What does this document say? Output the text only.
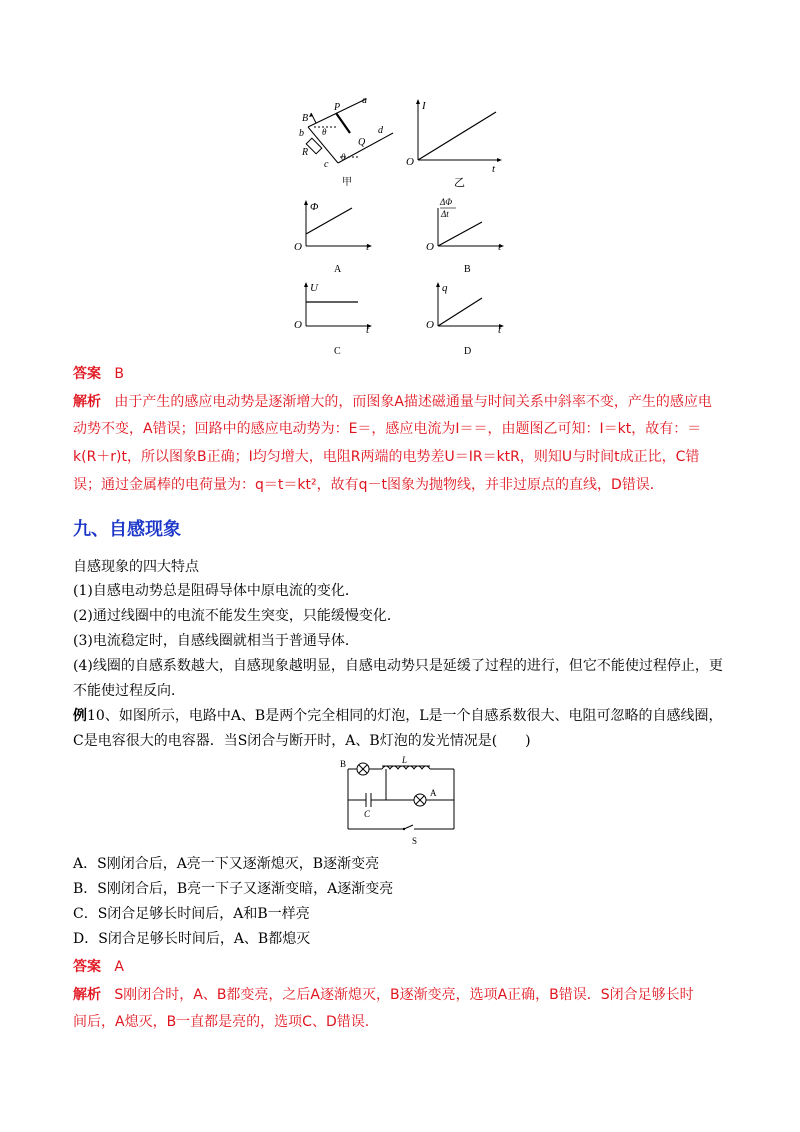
B
b
P
a
Q
d
R
c
θ
θ
甲
I
O
t
乙
Φ
O	t
A
ΔΦ
Δt
O	t
B
U
O	t
C
q
O	t
D
答案 B
解析 由于产生的感应电动势是逐渐增大的，而图象A描述磁通量与时间关系中斜率不变，产生的感应电
动势不变，A错误；回路中的感应电动势为：E＝，感应电流为I＝＝，由题图乙可知：I＝kt，故有：＝
k(R＋r)t，所以图象B正确；I均匀增大，电阻R两端的电势差U＝IR＝ktR，则知U与时间t成正比，C错
误；通过金属棒的电荷量为：q＝t＝kt²，故有q－t图象为抛物线，并非过原点的直线，D错误．
九、自感现象
自感现象的四大特点
(1)自感电动势总是阻碍导体中原电流的变化．
(2)通过线圈中的电流不能发生突变，只能缓慢变化．
(3)电流稳定时，自感线圈就相当于普通导体．
(4)线圈的自感系数越大，自感现象越明显，自感电动势只是延缓了过程的进行，但它不能使过程停止，更
不能使过程反向．
例10、如图所示，电路中A、B是两个完全相同的灯泡，L是一个自感系数很大、电阻可忽略的自感线圈，
C是电容很大的电容器．当S闭合与断开时，A、B灯泡的发光情况是(　　)
S
B	L
C
A
A．S刚闭合后，A亮一下又逐渐熄灭，B逐渐变亮
B．S刚闭合后，B亮一下子又逐渐变暗，A逐渐变亮
C．S闭合足够长时间后，A和B一样亮
D．S闭合足够长时间后，A、B都熄灭
答案 A
解析 S刚闭合时，A、B都变亮，之后A逐渐熄灭，B逐渐变亮，选项A正确，B错误．S闭合足够长时
间后，A熄灭，B一直都是亮的，选项C、D错误.
